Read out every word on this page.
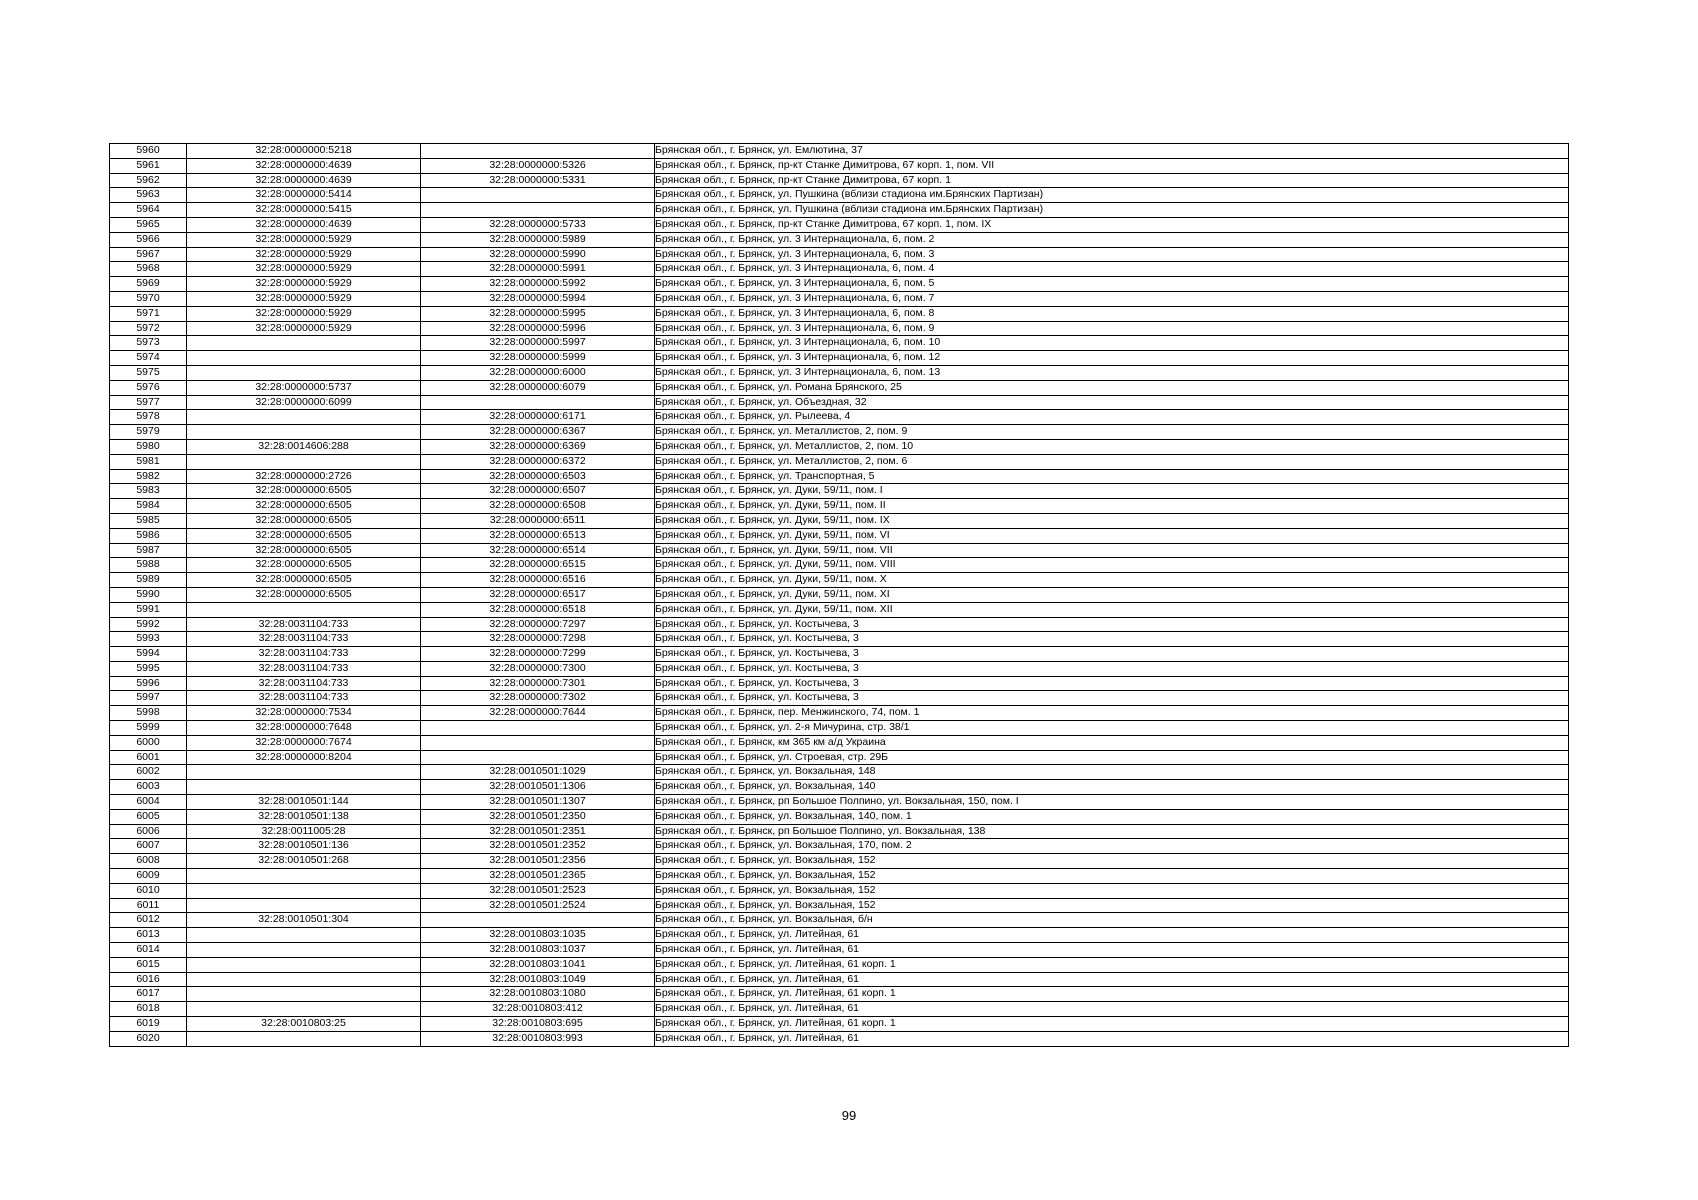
5960	32:28:0000000:5218		Брянская обл., г. Брянск, ул. Емлютина, 37
5961	32:28:0000000:4639	32:28:0000000:5326	Брянская обл., г. Брянск, пр-кт Станке Димитрова, 67 корп. 1, пом. VII
5962	32:28:0000000:4639	32:28:0000000:5331	Брянская обл., г. Брянск, пр-кт Станке Димитрова, 67 корп. 1
5963	32:28:0000000:5414		Брянская обл., г. Брянск, ул. Пушкина (вблизи стадиона им.Брянских Партизан)
5964	32:28:0000000:5415		Брянская обл., г. Брянск, ул. Пушкина (вблизи стадиона им.Брянских Партизан)
5965	32:28:0000000:4639	32:28:0000000:5733	Брянская обл., г. Брянск, пр-кт Станке Димитрова, 67 корп. 1, пом. IX
5966	32:28:0000000:5929	32:28:0000000:5989	Брянская обл., г. Брянск, ул. 3 Интернационала, 6, пом. 2
5967	32:28:0000000:5929	32:28:0000000:5990	Брянская обл., г. Брянск, ул. 3 Интернационала, 6, пом. 3
5968	32:28:0000000:5929	32:28:0000000:5991	Брянская обл., г. Брянск, ул. 3 Интернационала, 6, пом. 4
5969	32:28:0000000:5929	32:28:0000000:5992	Брянская обл., г. Брянск, ул. 3 Интернационала, 6, пом. 5
5970	32:28:0000000:5929	32:28:0000000:5994	Брянская обл., г. Брянск, ул. 3 Интернационала, 6, пом. 7
5971	32:28:0000000:5929	32:28:0000000:5995	Брянская обл., г. Брянск, ул. 3 Интернационала, 6, пом. 8
5972	32:28:0000000:5929	32:28:0000000:5996	Брянская обл., г. Брянск, ул. 3 Интернационала, 6, пом. 9
5973		32:28:0000000:5997	Брянская обл., г. Брянск, ул. 3 Интернационала, 6, пом. 10
5974		32:28:0000000:5999	Брянская обл., г. Брянск, ул. 3 Интернационала, 6, пом. 12
5975		32:28:0000000:6000	Брянская обл., г. Брянск, ул. 3 Интернационала, 6, пом. 13
5976	32:28:0000000:5737	32:28:0000000:6079	Брянская обл., г. Брянск, ул. Романа Брянского, 25
5977	32:28:0000000:6099		Брянская обл., г. Брянск, ул. Объездная, 32
5978		32:28:0000000:6171	Брянская обл., г. Брянск, ул. Рылеева, 4
5979		32:28:0000000:6367	Брянская обл., г. Брянск, ул. Металлистов, 2, пом. 9
5980	32:28:0014606:288	32:28:0000000:6369	Брянская обл., г. Брянск, ул. Металлистов, 2, пом. 10
5981		32:28:0000000:6372	Брянская обл., г. Брянск, ул. Металлистов, 2, пом. 6
5982	32:28:0000000:2726	32:28:0000000:6503	Брянская обл., г. Брянск, ул. Транспортная, 5
5983	32:28:0000000:6505	32:28:0000000:6507	Брянская обл., г. Брянск, ул. Дуки, 59/11, пом. I
5984	32:28:0000000:6505	32:28:0000000:6508	Брянская обл., г. Брянск, ул. Дуки, 59/11, пом. II
5985	32:28:0000000:6505	32:28:0000000:6511	Брянская обл., г. Брянск, ул. Дуки, 59/11, пом. IX
5986	32:28:0000000:6505	32:28:0000000:6513	Брянская обл., г. Брянск, ул. Дуки, 59/11, пом. VI
5987	32:28:0000000:6505	32:28:0000000:6514	Брянская обл., г. Брянск, ул. Дуки, 59/11, пом. VII
5988	32:28:0000000:6505	32:28:0000000:6515	Брянская обл., г. Брянск, ул. Дуки, 59/11, пом. VIII
5989	32:28:0000000:6505	32:28:0000000:6516	Брянская обл., г. Брянск, ул. Дуки, 59/11, пом. X
5990	32:28:0000000:6505	32:28:0000000:6517	Брянская обл., г. Брянск, ул. Дуки, 59/11, пом. XI
5991		32:28:0000000:6518	Брянская обл., г. Брянск, ул. Дуки, 59/11, пом. XII
5992	32:28:0031104:733	32:28:0000000:7297	Брянская обл., г. Брянск, ул. Костычева, 3
5993	32:28:0031104:733	32:28:0000000:7298	Брянская обл., г. Брянск, ул. Костычева, 3
5994	32:28:0031104:733	32:28:0000000:7299	Брянская обл., г. Брянск, ул. Костычева, 3
5995	32:28:0031104:733	32:28:0000000:7300	Брянская обл., г. Брянск, ул. Костычева, 3
5996	32:28:0031104:733	32:28:0000000:7301	Брянская обл., г. Брянск, ул. Костычева, 3
5997	32:28:0031104:733	32:28:0000000:7302	Брянская обл., г. Брянск, ул. Костычева, 3
5998	32:28:0000000:7534	32:28:0000000:7644	Брянская обл., г. Брянск, пер. Менжинского, 74, пом. 1
5999	32:28:0000000:7648		Брянская обл., г. Брянск, ул. 2-я Мичурина, стр. 38/1
6000	32:28:0000000:7674		Брянская обл., г. Брянск, км 365 км а/д Украина
6001	32:28:0000000:8204		Брянская обл., г. Брянск, ул. Строевая, стр. 29Б
6002		32:28:0010501:1029	Брянская обл., г. Брянск, ул. Вокзальная, 148
6003		32:28:0010501:1306	Брянская обл., г. Брянск, ул. Вокзальная, 140
6004	32:28:0010501:144	32:28:0010501:1307	Брянская обл., г. Брянск, рп Большое Полпино, ул. Вокзальная, 150, пом. I
6005	32:28:0010501:138	32:28:0010501:2350	Брянская обл., г. Брянск, ул. Вокзальная, 140, пом. 1
6006	32:28:0011005:28	32:28:0010501:2351	Брянская обл., г. Брянск, рп Большое Полпино, ул. Вокзальная, 138
6007	32:28:0010501:136	32:28:0010501:2352	Брянская обл., г. Брянск, ул. Вокзальная, 170, пом. 2
6008	32:28:0010501:268	32:28:0010501:2356	Брянская обл., г. Брянск, ул. Вокзальная, 152
6009		32:28:0010501:2365	Брянская обл., г. Брянск, ул. Вокзальная, 152
6010		32:28:0010501:2523	Брянская обл., г. Брянск, ул. Вокзальная, 152
6011		32:28:0010501:2524	Брянская обл., г. Брянск, ул. Вокзальная, 152
6012	32:28:0010501:304		Брянская обл., г. Брянск, ул. Вокзальная, б/н
6013		32:28:0010803:1035	Брянская обл., г. Брянск, ул. Литейная, 61
6014		32:28:0010803:1037	Брянская обл., г. Брянск, ул. Литейная, 61
6015		32:28:0010803:1041	Брянская обл., г. Брянск, ул. Литейная, 61 корп. 1
6016		32:28:0010803:1049	Брянская обл., г. Брянск, ул. Литейная, 61
6017		32:28:0010803:1080	Брянская обл., г. Брянск, ул. Литейная, 61 корп. 1
6018		32:28:0010803:412	Брянская обл., г. Брянск, ул. Литейная, 61
6019	32:28:0010803:25	32:28:0010803:695	Брянская обл., г. Брянск, ул. Литейная, 61 корп. 1
6020		32:28:0010803:993	Брянская обл., г. Брянск, ул. Литейная, 61
99
